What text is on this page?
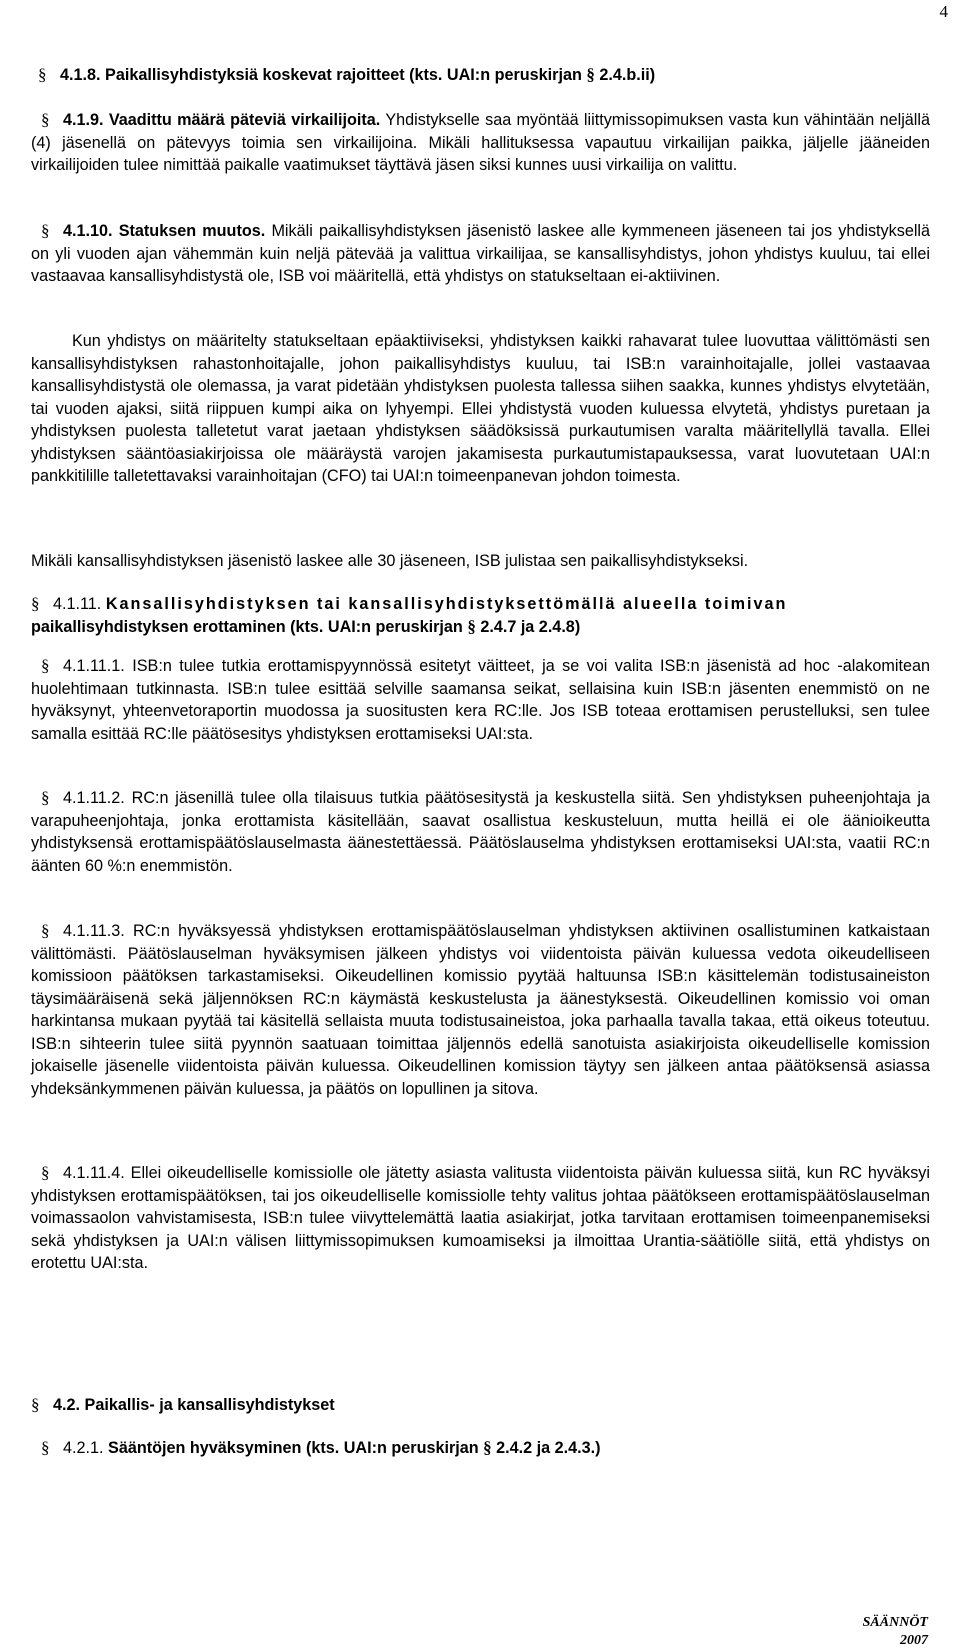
4

§ 4.1.8. Paikallisyhdistyksiä koskevat rajoitteet (kts. UAI:n peruskirjan § 2.4.b.ii)

§ 4.1.9. Vaadittu määrä päteviä virkailijoita. Yhdistykselle saa myöntää liittymissopimuksen vasta kun vähintään neljällä (4) jäsenellä on pätevyys toimia sen virkailijoina. Mikäli hallituksessa vapautuu virkailijan paikka, jäljelle jääneiden virkailijoiden tulee nimittää paikalle vaatimukset täyttävä jäsen siksi kunnes uusi virkailija on valittu.

§ 4.1.10. Statuksen muutos. Mikäli paikallisyhdistyksen jäsenistö laskee alle kymmeneen jäseneen tai jos yhdistyksellä on yli vuoden ajan vähemmän kuin neljä pätevää ja valittua virkailijaa, se kansallisyhdistys, johon yhdistys kuuluu, tai ellei vastaavaa kansallisyhdistystä ole, ISB voi määritellä, että yhdistys on statukseltaan ei-aktiivinen.

Kun yhdistys on määritelty statukseltaan epäaktiiviseksi, yhdistyksen kaikki rahavarat tulee luovuttaa välittömästi sen kansallisyhdistyksen rahastonhoitajalle, johon paikallisyhdistys kuuluu, tai ISB:n varainhoitajalle, jollei vastaavaa kansallisyhdistystä ole olemassa, ja varat pidetään yhdistyksen puolesta tallessa siihen saakka, kunnes yhdistys elvytetään, tai vuoden ajaksi, siitä riippuen kumpi aika on lyhyempi. Ellei yhdistystä vuoden kuluessa elvytetä, yhdistys puretaan ja yhdistyksen puolesta talletetut varat jaetaan yhdistyksen säädöksissä purkautumisen varalta määritellyllä tavalla. Ellei yhdistyksen sääntöasiakirjoissa ole määräystä varojen jakamisesta purkautumistapauksessa, varat luovutetaan UAI:n pankkitilille talletettavaksi varainhoitajan (CFO) tai UAI:n toimeenpanevan johdon toimesta.

Mikäli kansallisyhdistyksen jäsenistö laskee alle 30 jäseneen, ISB julistaa sen paikallisyhdistykseksi.

§ 4.1.11. Kansallisyhdistyksen tai kansallisyhdistyksettömällä alueella toimivan
paikallisyhdistyksen erottaminen (kts. UAI:n peruskirjan § 2.4.7 ja 2.4.8)

§ 4.1.11.1. ISB:n tulee tutkia erottamispyynnössä esitetyt väitteet, ja se voi valita ISB:n jäsenistä ad hoc -alakomitean huolehtimaan tutkinnasta. ISB:n tulee esittää selville saamansa seikat, sellaisina kuin ISB:n jäsenten enemmistö on ne hyväksynyt, yhteenvetoraportin muodossa ja suositusten kera RC:lle. Jos ISB toteaa erottamisen perustelluksi, sen tulee samalla esittää RC:lle päätösesitys yhdistyksen erottamiseksi UAI:sta.

§ 4.1.11.2. RC:n jäsenillä tulee olla tilaisuus tutkia päätösesitystä ja keskustella siitä. Sen yhdistyksen puheenjohtaja ja varapuheenjohtaja, jonka erottamista käsitellään, saavat osallistua keskusteluun, mutta heillä ei ole äänioikeutta yhdistyksensä erottamispäätöslauselmasta äänestettäessä. Päätöslauselma yhdistyksen erottamiseksi UAI:sta, vaatii RC:n äänten 60 %:n enemmistön.

§ 4.1.11.3. RC:n hyväksyessä yhdistyksen erottamispäätöslauselman yhdistyksen aktiivinen osallistuminen katkaistaan välittömästi. Päätöslauselman hyväksymisen jälkeen yhdistys voi viidentoista päivän kuluessa vedota oikeudelliseen komissioon päätöksen tarkastamiseksi. Oikeudellinen komissio pyytää haltuunsa ISB:n käsittelemän todistusaineiston täysimääräisenä sekä jäljennöksen RC:n käymästä keskustelusta ja äänestyksestä. Oikeudellinen komissio voi oman harkintansa mukaan pyytää tai käsitellä sellaista muuta todistusaineistoa, joka parhaalla tavalla takaa, että oikeus toteutuu. ISB:n sihteerin tulee siitä pyynnön saatuaan toimittaa jäljennös edellä sanotuista asiakirjoista oikeudelliselle komission jokaiselle jäsenelle viidentoista päivän kuluessa. Oikeudellinen komission täytyy sen jälkeen antaa päätöksensä asiassa yhdeksänkymmenen päivän kuluessa, ja päätös on lopullinen ja sitova.

§ 4.1.11.4. Ellei oikeudelliselle komissiolle ole jätetty asiasta valitusta viidentoista päivän kuluessa siitä, kun RC hyväksyi yhdistyksen erottamispäätöksen, tai jos oikeudelliselle komissiolle tehty valitus johtaa päätökseen erottamispäätöslauselman voimassaolon vahvistamisesta, ISB:n tulee viivyttelemättä laatia asiakirjat, jotka tarvitaan erottamisen toimeenpanemiseksi sekä yhdistyksen ja UAI:n välisen liittymissopimuksen kumoamiseksi ja ilmoittaa Urantia-säätiölle siitä, että yhdistys on erotettu UAI:sta.

§ 4.2. Paikallis- ja kansallisyhdistykset

§ 4.2.1. Sääntöjen hyväksyminen (kts. UAI:n peruskirjan § 2.4.2 ja 2.4.3.)

SÄÄNNÖT
2007
